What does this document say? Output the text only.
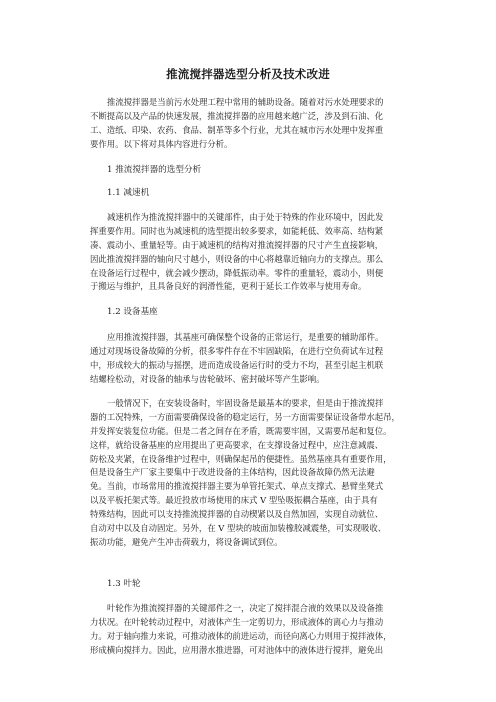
推流搅拌器选型分析及技术改进
推流搅拌器是当前污水处理工程中常用的辅助设备。随着对污水处理要求的
不断提高以及产品的快速发展，推流搅拌器的应用越来越广泛，涉及到石油、化
工、造纸、印染、农药、食品、制革等多个行业，尤其在城市污水处理中发挥重
要作用。以下将对具体内容进行分析。
1 推流搅拌器的选型分析
1.1 减速机
减速机作为推流搅拌器中的关键部件，由于处于特殊的作业环境中，因此发
挥重要作用。同时也为减速机的选型提出较多要求，如能耗低、效率高、结构紧
凑、震动小、重量轻等。由于减速机的结构对推流搅拌器的尺寸产生直接影响，
因此推流搅拌器的轴向尺寸越小，则设备的中心将越靠近轴向力的支撑点。那么
在设备运行过程中，就会减少摆动，降低振动率。零件的重量轻，震动小，则便
于搬运与维护，且具备良好的润滑性能，更利于延长工作效率与使用寿命。
1.2 设备基座
应用推流搅拌器，其基座可确保整个设备的正常运行，是重要的辅助部件。
通过对现场设备故障的分析，很多零件存在不牢固缺陷，在进行空负荷试车过程
中，形成较大的振动与摇摆，进而造成设备运行时的受力不均，甚至引起主机联
结螺栓松动，对设备的轴承与齿轮破坏、密封破坏等产生影响。
一般情况下，在安装设备时，牢固设备是最基本的要求，但是由于推流搅拌
器的工况特殊，一方面需要确保设备的稳定运行，另一方面需要保证设备带水起吊，
并发挥安装复位功能。但是二者之间存在矛盾，既需要牢固，又需要吊起和复位。
这样，就给设备基座的应用提出了更高要求，在支撑设备过程中，应注意减震、
防松及夹紧，在设备维护过程中，则确保起吊的便捷性。虽然基座具有重要作用，
但是设备生产厂家主要集中于改进设备的主体结构，因此设备故障仍然无法避
免。当前，市场常用的推流搅拌器主要为单管托架式、单点支撑式、悬臂坐凳式
以及平板托架式等。最近投放市场使用的床式 V 型坠吸振耦合基座，由于具有
特殊结构，因此可以支持推流搅拌器的自动楔紧以及自然加固，实现自动就位、
自动对中以及自动固定。另外，在 V 型块的坡面加装橡胶减震垫，可实现吸收、
振动功能，避免产生冲击荷载力，将设备调试到位。
1.3 叶轮
叶轮作为推流搅拌器的关键部件之一，决定了搅拌混合液的效果以及设备推
力状况。在叶轮转动过程中，对液体产生一定剪切力，形成液体的离心力与推动
力。对于轴向推力来说，可推动液体的前进运动，而径向离心力则用于搅拌液体，
形成横向搅拌力。因此，应用潜水推进器，可对池体中的液体进行搅拌，避免出
